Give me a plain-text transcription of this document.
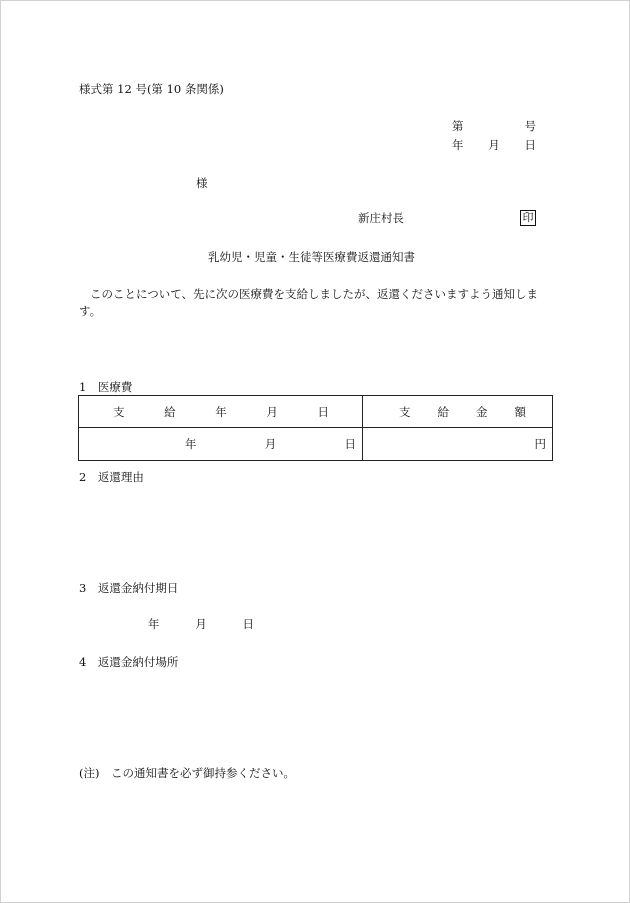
様式第 12 号(第 10 条関係)
第	号
年 月 日
様
新庄村長	印
乳幼児・児童・生徒等医療費返還通知書
このことについて、先に次の医療費を支給しましたが、返還くださいますよう通知します。
1　医療費
支 給 年 月 日	支 給 金 額

年 月 日	円
2　返還理由
3　返還金納付期日
年	月	日
4　返還金納付場所
(注)　この通知書を必ず御持参ください。
